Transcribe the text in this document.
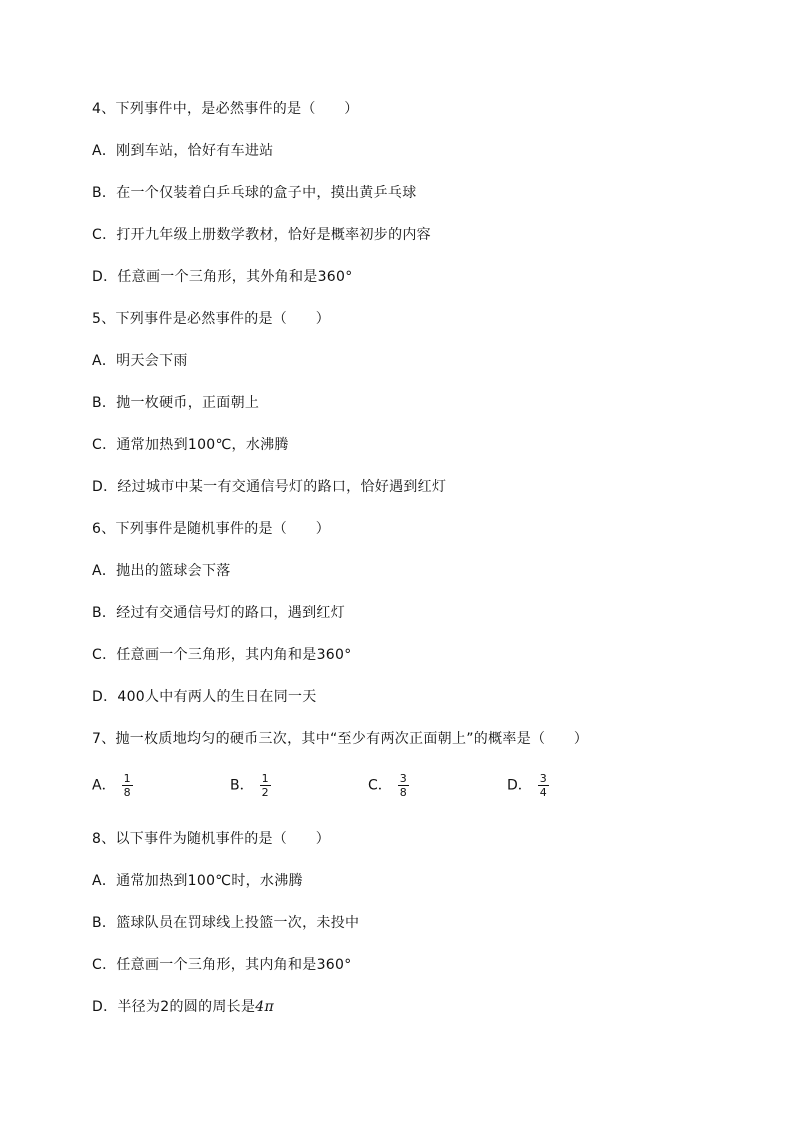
4、下列事件中，是必然事件的是（　　）
A．刚到车站，恰好有车进站
B．在一个仅装着白乒乓球的盒子中，摸出黄乒乓球
C．打开九年级上册数学教材，恰好是概率初步的内容
D．任意画一个三角形，其外角和是360°
5、下列事件是必然事件的是（　　）
A．明天会下雨
B．抛一枚硬币，正面朝上
C．通常加热到100℃，水沸腾
D．经过城市中某一有交通信号灯的路口，恰好遇到红灯
6、下列事件是随机事件的是（　　）
A．抛出的篮球会下落
B．经过有交通信号灯的路口，遇到红灯
C．任意画一个三角形，其内角和是360°
D．400人中有两人的生日在同一天
7、抛一枚质地均匀的硬币三次，其中“至少有两次正面朝上”的概率是（　　）
A． $\frac{1}{8}$	B． $\frac{1}{2}$	C． $\frac{3}{8}$	D． $\frac{3}{4}$
8、以下事件为随机事件的是（　　）
A．通常加热到100℃时，水沸腾
B．篮球队员在罚球线上投篮一次，未投中
C．任意画一个三角形，其内角和是360°
D．半径为2的圆的周长是4π
